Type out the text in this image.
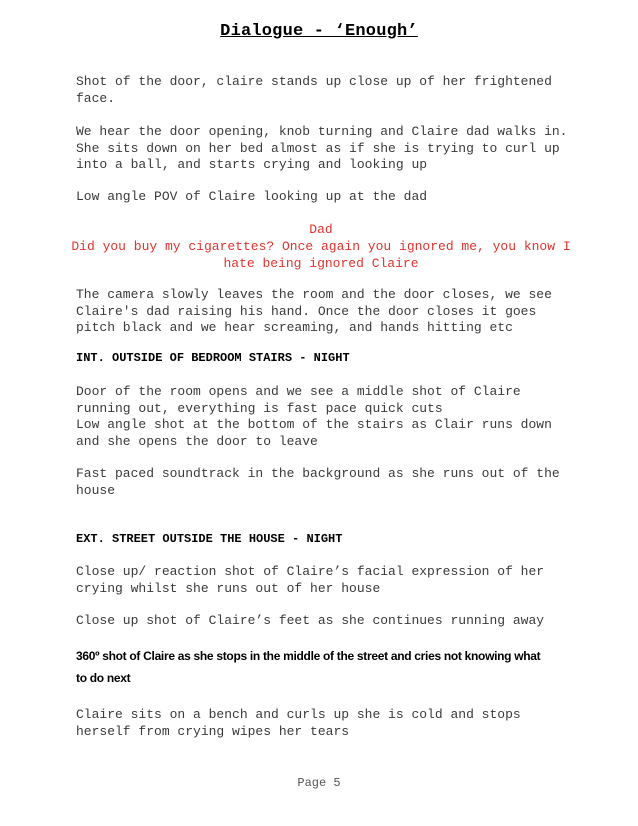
Dialogue - ‘Enough’

Shot of the door, claire stands up close up of her frightened face.

We hear the door opening, knob turning and Claire dad walks in. She sits down on her bed almost as if she is trying to curl up into a ball, and starts crying and looking up

Low angle POV of Claire looking up at the dad

Dad

Did you buy my cigarettes? Once again you ignored me, you know I hate being ignored Claire

The camera slowly leaves the room and the door closes, we see Claire's dad raising his hand. Once the door closes it goes pitch black and we hear screaming, and hands hitting etc

INT. OUTSIDE OF BEDROOM STAIRS - NIGHT

Door of the room opens and we see a middle shot of Claire running out, everything is fast pace quick cuts

Low angle shot at the bottom of the stairs as Clair runs down and she opens the door to leave

Fast paced soundtrack in the background as she runs out of the house

EXT. STREET OUTSIDE THE HOUSE - NIGHT

Close up/ reaction shot of Claire’s facial expression of her crying whilst she runs out of her house

Close up shot of Claire’s feet as she continues running away

360º shot of Claire as she stops in the middle of the street and cries not knowing what to do next

Claire sits on a bench and curls up she is cold and stops herself from crying wipes her tears

Page 5
